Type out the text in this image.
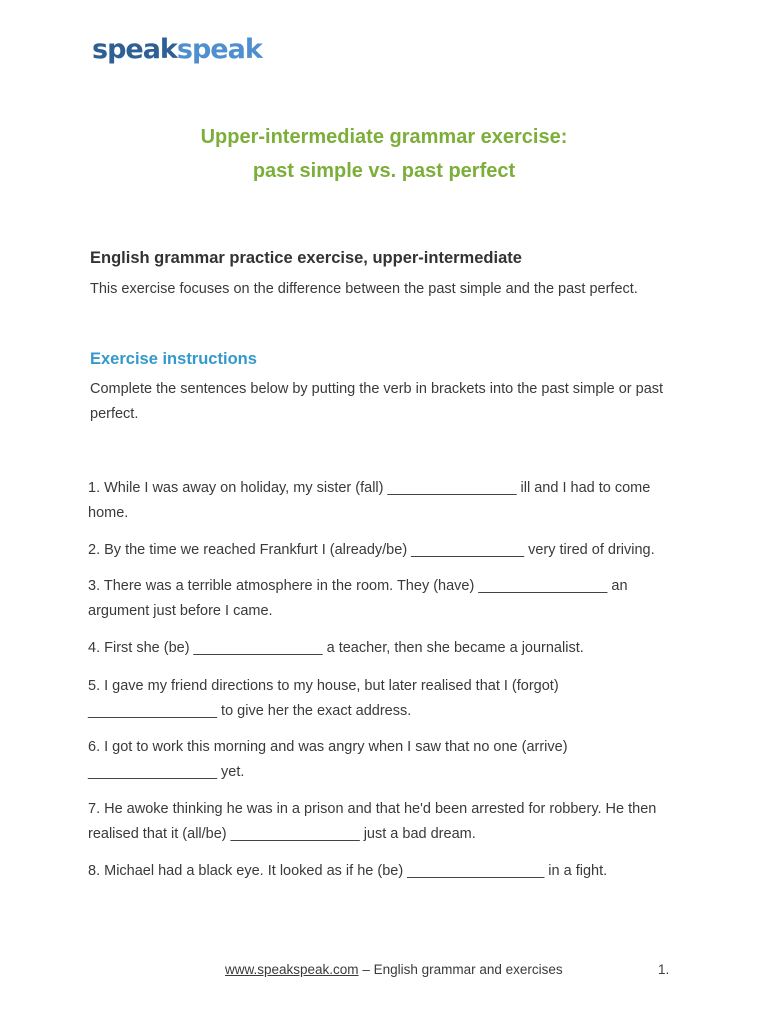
speakspeak
Upper-intermediate grammar exercise:
past simple vs. past perfect
English grammar practice exercise, upper-intermediate
This exercise focuses on the difference between the past simple and the past perfect.
Exercise instructions
Complete the sentences below by putting the verb in brackets into the past simple or past perfect.
1. While I was away on holiday, my sister (fall) ________________ ill and I had to come home.
2. By the time we reached Frankfurt I (already/be) ______________ very tired of driving.
3. There was a terrible atmosphere in the room. They (have) ________________ an argument just before I came.
4. First she (be) ________________ a teacher, then she became a journalist.
5. I gave my friend directions to my house, but later realised that I (forgot) ________________ to give her the exact address.
6. I got to work this morning and was angry when I saw that no one (arrive) ________________ yet.
7. He awoke thinking he was in a prison and that he'd been arrested for robbery. He then realised that it (all/be) ________________ just a bad dream.
8. Michael had a black eye. It looked as if he (be) _________________ in a fight.
www.speakspeak.com – English grammar and exercises	1.
